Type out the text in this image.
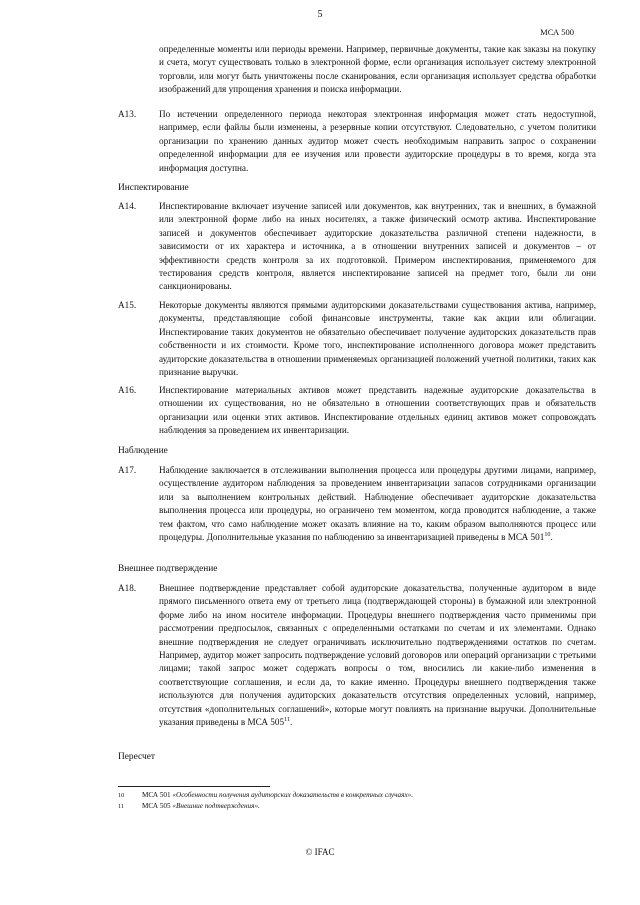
5
МСА 500
определенные моменты или периоды времени. Например, первичные документы, такие как заказы на покупку и счета, могут существовать только в электронной форме, если организация использует систему электронной торговли, или могут быть уничтожены после сканирования, если организация использует средства обработки изображений для упрощения хранения и поиска информации.
A13. По истечении определенного периода некоторая электронная информация может стать недоступной, например, если файлы были изменены, а резервные копии отсутствуют. Следовательно, с учетом политики организации по хранению данных аудитор может счесть необходимым направить запрос о сохранении определенной информации для ее изучения или провести аудиторские процедуры в то время, когда эта информация доступна.
Инспектирование
A14. Инспектирование включает изучение записей или документов, как внутренних, так и внешних, в бумажной или электронной форме либо на иных носителях, а также физический осмотр актива. Инспектирование записей и документов обеспечивает аудиторские доказательства различной степени надежности, в зависимости от их характера и источника, а в отношении внутренних записей и документов – от эффективности средств контроля за их подготовкой. Примером инспектирования, применяемого для тестирования средств контроля, является инспектирование записей на предмет того, были ли они санкционированы.
A15. Некоторые документы являются прямыми аудиторскими доказательствами существования актива, например, документы, представляющие собой финансовые инструменты, такие как акции или облигации. Инспектирование таких документов не обязательно обеспечивает получение аудиторских доказательств прав собственности и их стоимости. Кроме того, инспектирование исполненного договора может представить аудиторские доказательства в отношении применяемых организацией положений учетной политики, таких как признание выручки.
A16. Инспектирование материальных активов может представить надежные аудиторские доказательства в отношении их существования, но не обязательно в отношении соответствующих прав и обязательств организации или оценки этих активов. Инспектирование отдельных единиц активов может сопровождать наблюдения за проведением их инвентаризации.
Наблюдение
A17. Наблюдение заключается в отслеживании выполнения процесса или процедуры другими лицами, например, осуществление аудитором наблюдения за проведением инвентаризации запасов сотрудниками организации или за выполнением контрольных действий. Наблюдение обеспечивает аудиторские доказательства выполнения процесса или процедуры, но ограничено тем моментом, когда проводится наблюдение, а также тем фактом, что само наблюдение может оказать влияние на то, каким образом выполняются процесс или процедуры. Дополнительные указания по наблюдению за инвентаризацией приведены в МСА $501^{10}$.
Внешнее подтверждение
A18. Внешнее подтверждение представляет собой аудиторские доказательства, полученные аудитором в виде прямого письменного ответа ему от третьего лица (подтверждающей стороны) в бумажной или электронной форме либо на ином носителе информации. Процедуры внешнего подтверждения часто применимы при рассмотрении предпосылок, связанных с определенными остатками по счетам и их элементами. Однако внешние подтверждения не следует ограничивать исключительно подтверждениями остатков по счетам. Например, аудитор может запросить подтверждение условий договоров или операций организации с третьими лицами; такой запрос может содержать вопросы о том, вносились ли какие-либо изменения в соответствующие соглашения, и если да, то какие именно. Процедуры внешнего подтверждения также используются для получения аудиторских доказательств отсутствия определенных условий, например, отсутствия «дополнительных соглашений», которые могут повлиять на признание выручки. Дополнительные указания приведены в МСА $505^{11}$.
Пересчет
10 МСА 501 «Особенности получения аудиторских доказательств в конкретных случаях».
11	МСА 505 «Внешние подтверждения».
© IFAC
